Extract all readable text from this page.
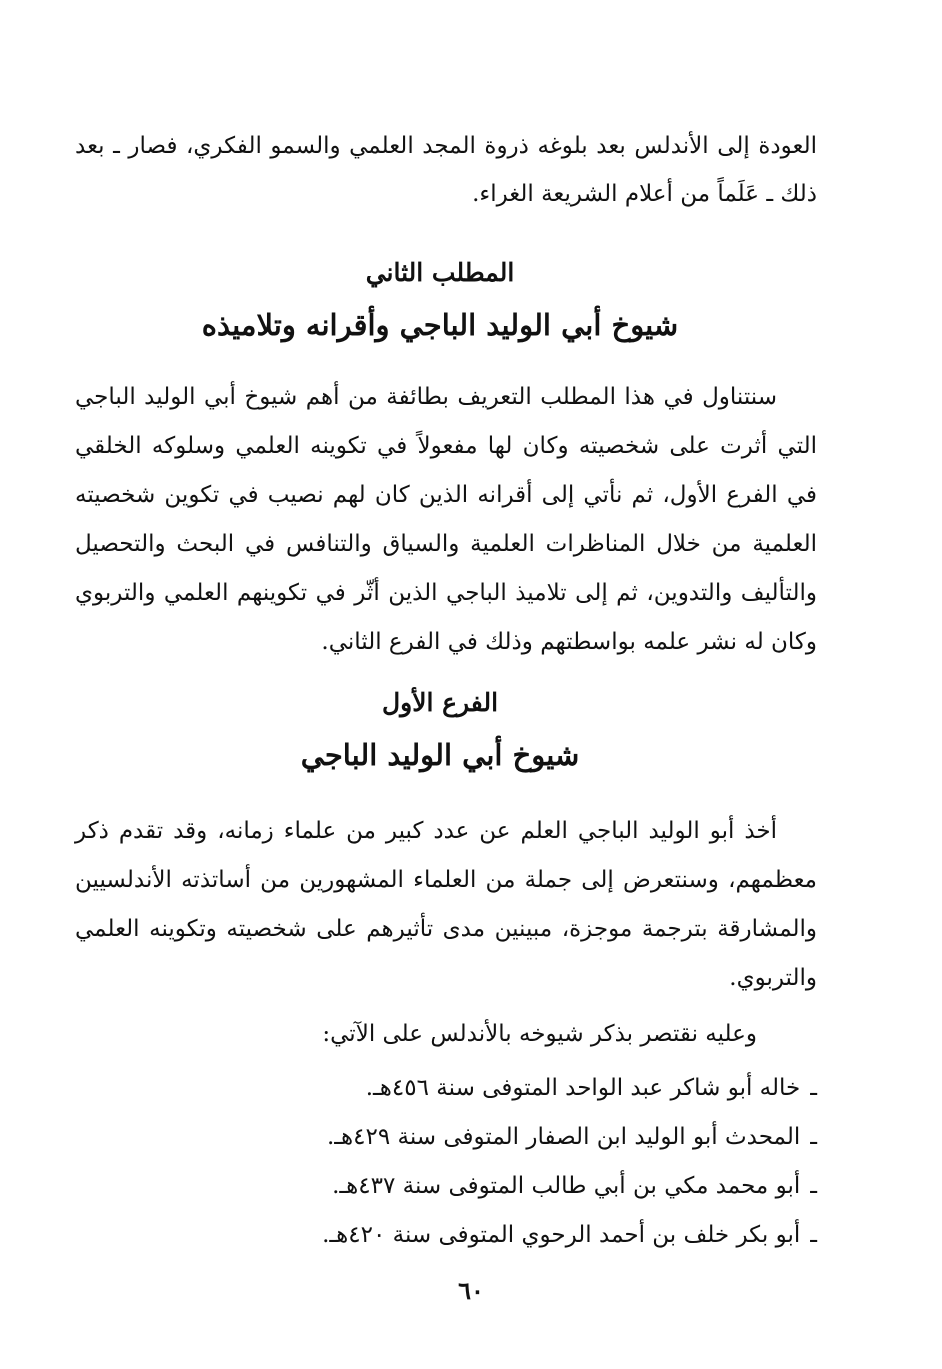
العودة إلى الأندلس بعد بلوغه ذروة المجد العلمي والسمو الفكري، فصار ـ بعد ذلك ـ عَلَماً من أعلام الشريعة الغراء.

المطلب الثاني
شيوخ أبي الوليد الباجي وأقرانه وتلاميذه

سنتناول في هذا المطلب التعريف بطائفة من أهم شيوخ أبي الوليد الباجي التي أثرت على شخصيته وكان لها مفعولاً في تكوينه العلمي وسلوكه الخلقي في الفرع الأول، ثم نأتي إلى أقرانه الذين كان لهم نصيب في تكوين شخصيته العلمية من خلال المناظرات العلمية والسياق والتنافس في البحث والتحصيل والتأليف والتدوين، ثم إلى تلاميذ الباجي الذين أثّر في تكوينهم العلمي والتربوي وكان له نشر علمه بواسطتهم وذلك في الفرع الثاني.

الفرع الأول
شيوخ أبي الوليد الباجي

أخذ أبو الوليد الباجي العلم عن عدد كبير من علماء زمانه، وقد تقدم ذكر معظمهم، وسنتعرض إلى جملة من العلماء المشهورين من أساتذته الأندلسيين والمشارقة بترجمة موجزة، مبينين مدى تأثيرهم على شخصيته وتكوينه العلمي والتربوي.

وعليه نقتصر بذكر شيوخه بالأندلس على الآتي:

ـخاله أبو شاكر عبد الواحد المتوفى سنة ٤٥٦هـ.
ـالمحدث أبو الوليد ابن الصفار المتوفى سنة ٤٢٩هـ.
ـأبو محمد مكي بن أبي طالب المتوفى سنة ٤٣٧هـ.
ـأبو بكر خلف بن أحمد الرحوي المتوفى سنة ٤٢٠هـ.

٦٠
